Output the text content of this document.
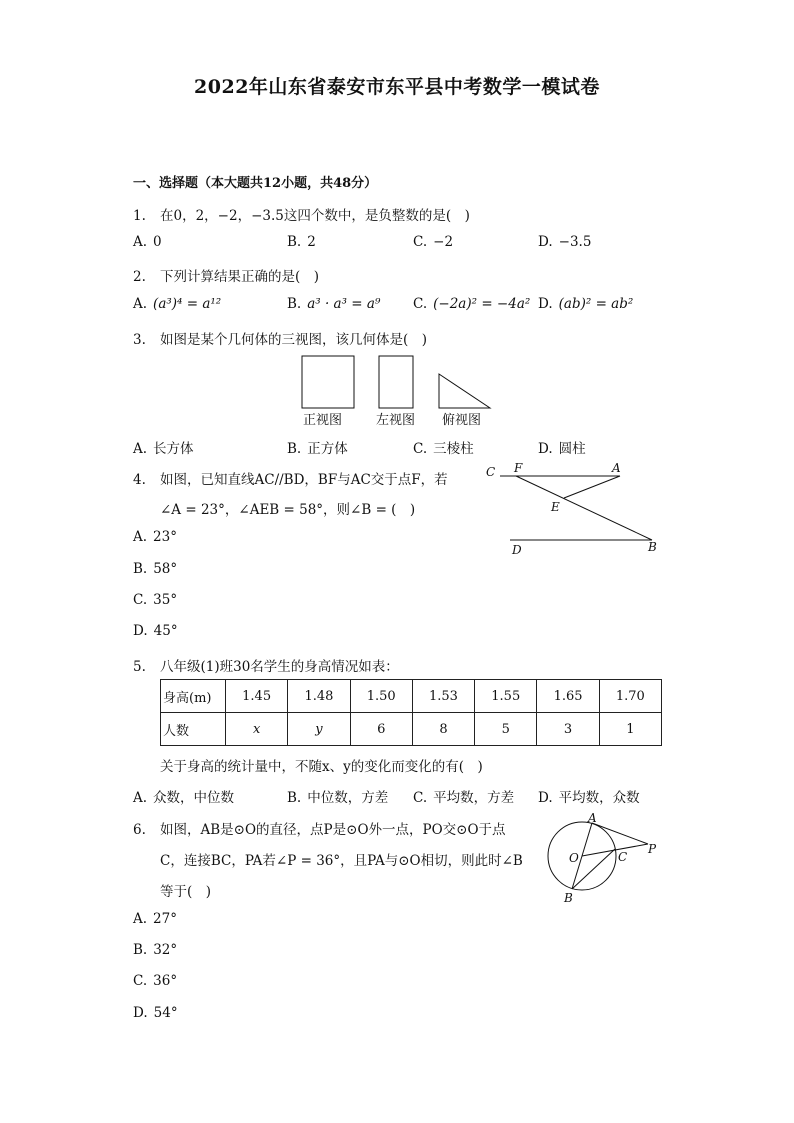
2022年山东省泰安市东平县中考数学一模试卷
一、选择题（本大题共12小题，共48分）
1. 在0，2，−2，−3.5这四个数中，是负整数的是(　)
A. 0	B. 2	C. −2	D. −3.5
2. 下列计算结果正确的是(　)
A. (a³)⁴ = a¹²	B. a³ · a³ = a⁹ C. (−2a)² = −4a² D. (ab)² = ab²
3. 如图是某个几何体的三视图，该几何体是(　)
正视图	左视图 俯视图
A. 长方体	B. 正方体	C. 三棱柱	D. 圆柱
4. 如图，已知直线AC//BD，BF与AC交于点F，若
∠A = 23°，∠AEB = 58°，则∠B = (　)
C F	A
E
D	B
A. 23°
B. 58°
C. 35°
D. 45°
5. 八年级(1)班30名学生的身高情况如表：
身高(m)	1.45	1.48	1.50	1.53	1.55	1.65	1.70
人数	x	y	6	8	5	3	1
关于身高的统计量中，不随x、y的变化而变化的有(　)
A. 众数，中位数	B. 中位数，方差 C. 平均数，方差 D. 平均数，众数
6. 如图，AB是⊙O的直径，点P是⊙O外一点，PO交⊙O于点
C，连接BC，PA若∠P = 36°，且PA与⊙O相切，则此时∠B
等于(　)
A
O	C
P
B
A. 27°
B. 32°
C. 36°
D. 54°
